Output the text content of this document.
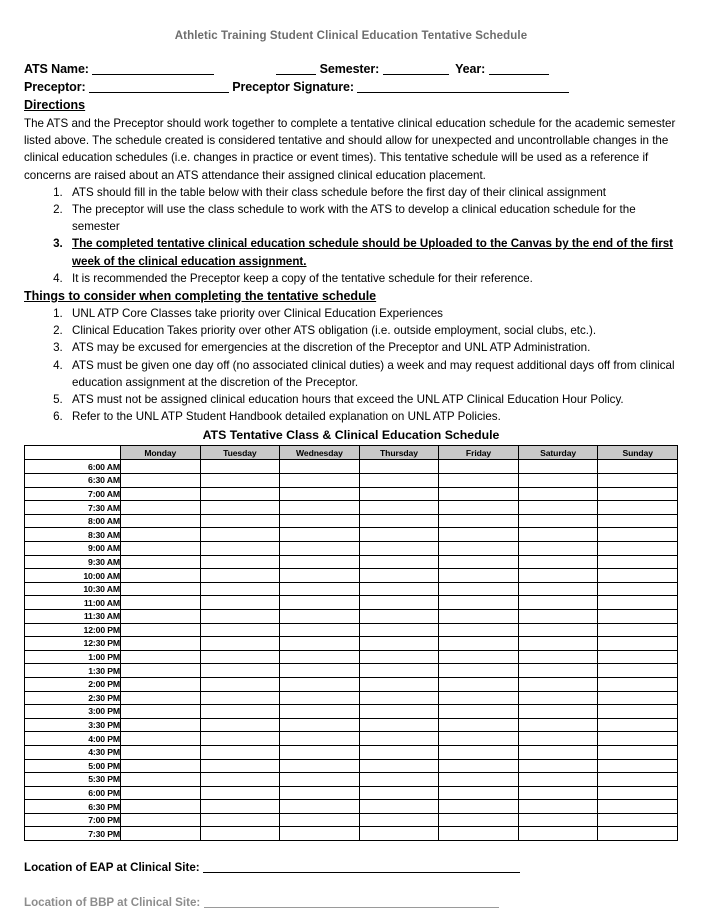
Athletic Training Student Clinical Education Tentative Schedule
ATS Name:	Semester:	Year:
Preceptor:	Preceptor Signature:
Directions
The ATS and the Preceptor should work together to complete a tentative clinical education schedule for the academic semester listed above. The schedule created is considered tentative and should allow for unexpected and uncontrollable changes in the clinical education schedules (i.e. changes in practice or event times). This tentative schedule will be used as a reference if concerns are raised about an ATS attendance their assigned clinical education placement.
1. ATS should fill in the table below with their class schedule before the first day of their clinical assignment
2. The preceptor will use the class schedule to work with the ATS to develop a clinical education schedule for the semester
3. The completed tentative clinical education schedule should be Uploaded to the Canvas by the end of the first week of the clinical education assignment.
4. It is recommended the Preceptor keep a copy of the tentative schedule for their reference.
Things to consider when completing the tentative schedule
1. UNL ATP Core Classes take priority over Clinical Education Experiences
2. Clinical Education Takes priority over other ATS obligation (i.e. outside employment, social clubs, etc.).
3. ATS may be excused for emergencies at the discretion of the Preceptor and UNL ATP Administration.
4. ATS must be given one day off (no associated clinical duties) a week and may request additional days off from clinical education assignment at the discretion of the Preceptor.
5. ATS must not be assigned clinical education hours that exceed the UNL ATP Clinical Education Hour Policy.
6. Refer to the UNL ATP Student Handbook detailed explanation on UNL ATP Policies.
ATS Tentative Class & Clinical Education Schedule
	Monday	Tuesday	Wednesday	Thursday	Friday	Saturday	Sunday
6:00 AM							
6:30 AM							
7:00 AM							
7:30 AM							
8:00 AM							
8:30 AM							
9:00 AM							
9:30 AM							
10:00 AM							
10:30 AM							
11:00 AM							
11:30 AM							
12:00 PM							
12:30 PM							
1:00 PM							
1:30 PM							
2:00 PM							
2:30 PM							
3:00 PM							
3:30 PM							
4:00 PM							
4:30 PM							
5:00 PM							
5:30 PM							
6:00 PM							
6:30 PM							
7:00 PM							
7:30 PM							
Location of EAP at Clinical Site:
Location of BBP at Clinical Site:
